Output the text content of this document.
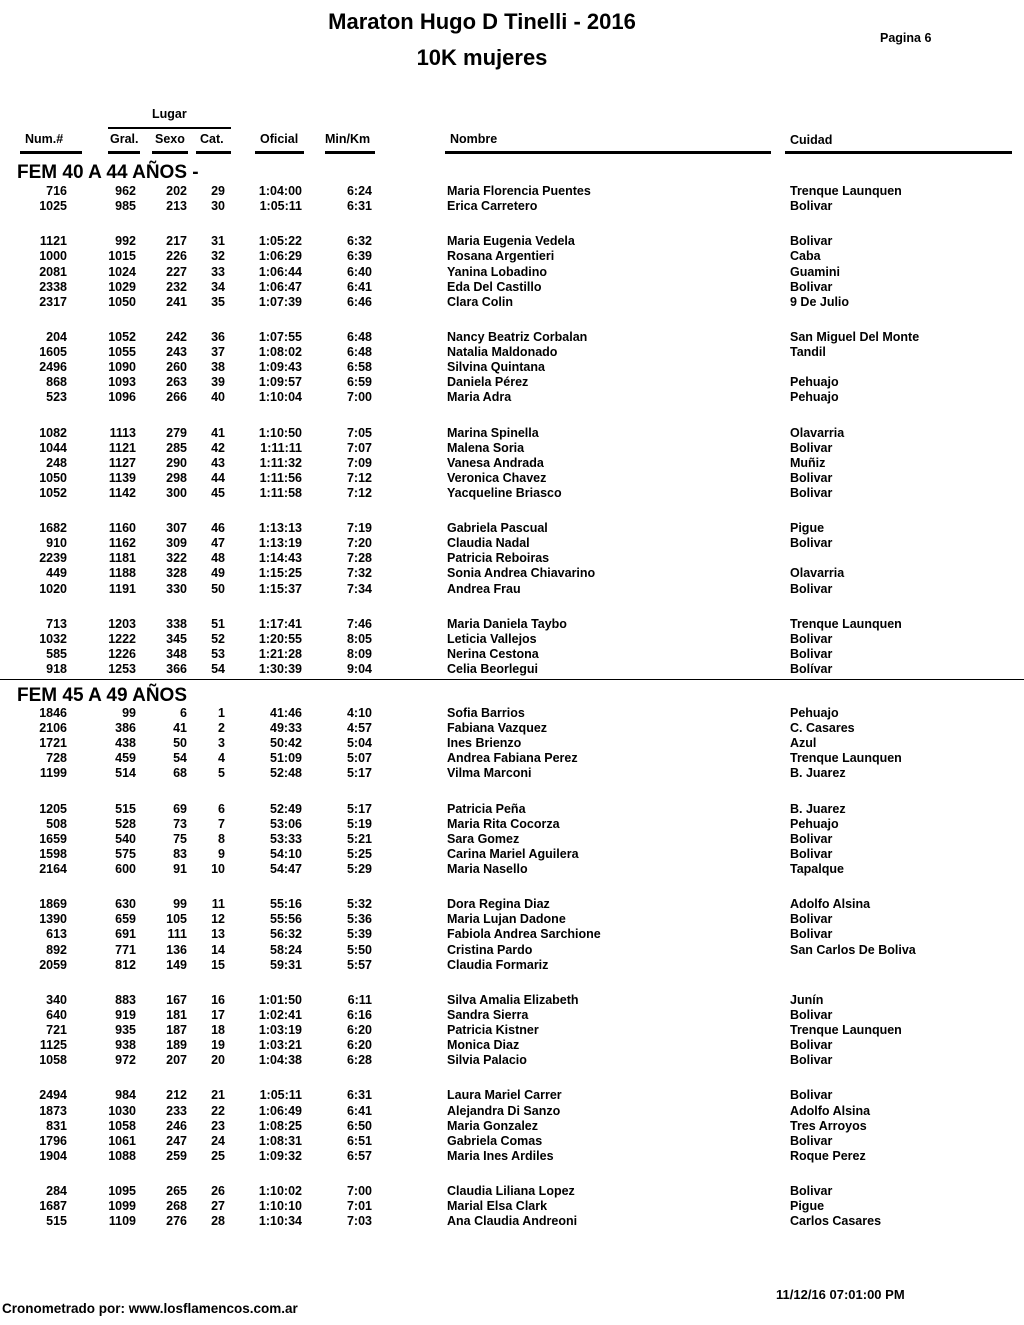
Maraton Hugo D Tinelli - 2016
10K mujeres
Pagina 6
Lugar
Num.#	Gral. Sexo Cat.	Oficial Min/Km	Nombre	Cuidad
FEM 40 A 44 AÑOS -
716	962 202 29	1:04:00	6:24	Maria Florencia Puentes	Trenque Launquen
1025	985 213 30	1:05:11	6:31	Erica Carretero	Bolivar
1121	992 217 31	1:05:22	6:32	Maria Eugenia Vedela	Bolivar
1000	1015 226 32	1:06:29	6:39	Rosana Argentieri	Caba
2081	1024 227 33	1:06:44	6:40	Yanina Lobadino	Guamini
2338	1029 232 34	1:06:47	6:41	Eda Del Castillo	Bolivar
2317	1050 241 35	1:07:39	6:46	Clara Colin	9 De Julio
204	1052 242 36	1:07:55	6:48	Nancy Beatriz Corbalan	San Miguel Del Monte
1605	1055 243 37	1:08:02	6:48	Natalia Maldonado	Tandil
2496	1090 260 38	1:09:43	6:58	Silvina Quintana
868	1093 263 39	1:09:57	6:59	Daniela Pérez	Pehuajo
523	1096 266 40	1:10:04	7:00	Maria Adra	Pehuajo
1082	1113 279 41	1:10:50	7:05	Marina Spinella	Olavarria
1044	1121 285 42	1:11:11	7:07	Malena Soria	Bolivar
248	1127 290 43	1:11:32	7:09	Vanesa Andrada	Muñiz
1050	1139 298 44	1:11:56	7:12	Veronica Chavez	Bolivar
1052	1142 300 45	1:11:58	7:12	Yacqueline Briasco	Bolivar
1682	1160 307 46	1:13:13	7:19	Gabriela Pascual	Pigue
910	1162 309 47	1:13:19	7:20	Claudia Nadal	Bolivar
2239	1181 322 48	1:14:43	7:28	Patricia Reboiras
449	1188 328 49	1:15:25	7:32	Sonia Andrea Chiavarino	Olavarria
1020	1191 330 50	1:15:37	7:34	Andrea Frau	Bolivar
713	1203 338 51	1:17:41	7:46	Maria Daniela Taybo	Trenque Launquen
1032	1222 345 52	1:20:55	8:05	Leticia Vallejos	Bolivar
585	1226 348 53	1:21:28	8:09	Nerina Cestona	Bolivar
918	1253 366 54	1:30:39	9:04	Celia Beorlegui	Bolívar
FEM 45 A 49 AÑOS
1846	99	6 1	41:46	4:10	Sofia Barrios	Pehuajo
2106	386	41 2	49:33	4:57	Fabiana Vazquez	C. Casares
1721	438	50 3	50:42	5:04	Ines Brienzo	Azul
728	459	54 4	51:09	5:07	Andrea Fabiana Perez	Trenque Launquen
1199	514	68 5	52:48	5:17	Vilma Marconi	B. Juarez
1205	515	69 6	52:49	5:17	Patricia Peña	B. Juarez
508	528	73 7	53:06	5:19	Maria Rita Cocorza	Pehuajo
1659	540	75 8	53:33	5:21	Sara Gomez	Bolivar
1598	575	83 9	54:10	5:25	Carina Mariel Aguilera	Bolivar
2164	600	91 10	54:47	5:29	Maria Nasello	Tapalque
1869	630	99 11	55:16	5:32	Dora Regina Diaz	Adolfo Alsina
1390	659 105 12	55:56	5:36	Maria Lujan Dadone	Bolivar
613	691	111 13	56:32	5:39	Fabiola Andrea Sarchione	Bolivar
892	771 136 14	58:24	5:50	Cristina Pardo	San Carlos De Boliva
2059	812 149 15	59:31	5:57	Claudia Formariz
340	883 167 16	1:01:50	6:11	Silva Amalia Elizabeth	Junín
640	919 181 17	1:02:41	6:16	Sandra Sierra	Bolivar
721	935 187 18	1:03:19	6:20	Patricia Kistner	Trenque Launquen
1125	938 189 19	1:03:21	6:20	Monica Diaz	Bolivar
1058	972 207 20	1:04:38	6:28	Silvia Palacio	Bolivar
2494	984 212 21	1:05:11	6:31	Laura Mariel Carrer	Bolivar
1873	1030 233 22	1:06:49	6:41	Alejandra Di Sanzo	Adolfo Alsina
831	1058 246 23	1:08:25	6:50	Maria Gonzalez	Tres Arroyos
1796	1061 247 24	1:08:31	6:51	Gabriela Comas	Bolivar
1904	1088 259 25	1:09:32	6:57	Maria Ines Ardiles	Roque Perez
284	1095 265 26	1:10:02	7:00	Claudia Liliana Lopez	Bolivar
1687	1099 268 27	1:10:10	7:01	Marial Elsa Clark	Pigue
515	1109 276 28	1:10:34	7:03	Ana Claudia Andreoni	Carlos Casares
11/12/16 07:01:00 PM
Cronometrado por: www.losflamencos.com.ar
